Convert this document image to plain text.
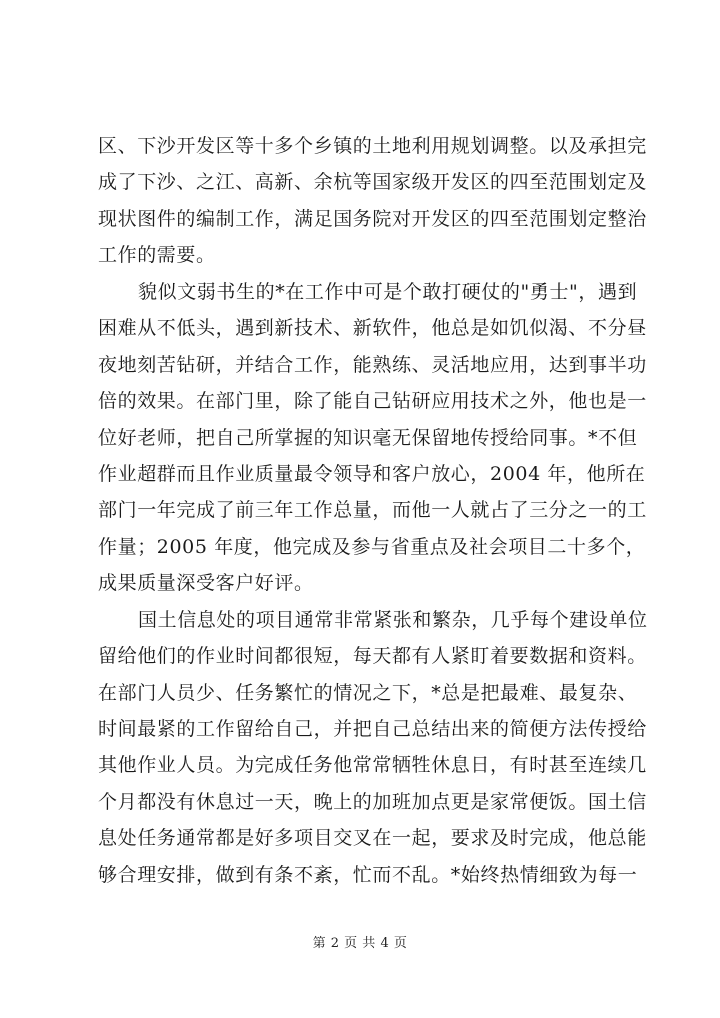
区、下沙开发区等十多个乡镇的土地利用规划调整。以及承担完
成了下沙、之江、高新、余杭等国家级开发区的四至范围划定及
现状图件的编制工作，满足国务院对开发区的四至范围划定整治
工作的需要。
貌似文弱书生的*在工作中可是个敢打硬仗的"勇士"，遇到
困难从不低头，遇到新技术、新软件，他总是如饥似渴、不分昼
夜地刻苦钻研，并结合工作，能熟练、灵活地应用，达到事半功
倍的效果。在部门里，除了能自己钻研应用技术之外，他也是一
位好老师，把自己所掌握的知识毫无保留地传授给同事。*不但
作业超群而且作业质量最令领导和客户放心，2004 年，他所在
部门一年完成了前三年工作总量，而他一人就占了三分之一的工
作量；2005 年度，他完成及参与省重点及社会项目二十多个，
成果质量深受客户好评。
国土信息处的项目通常非常紧张和繁杂，几乎每个建设单位
留给他们的作业时间都很短，每天都有人紧盯着要数据和资料。
在部门人员少、任务繁忙的情况之下，*总是把最难、最复杂、
时间最紧的工作留给自己，并把自己总结出来的简便方法传授给
其他作业人员。为完成任务他常常牺牲休息日，有时甚至连续几
个月都没有休息过一天，晚上的加班加点更是家常便饭。国土信
息处任务通常都是好多项目交叉在一起，要求及时完成，他总能
够合理安排，做到有条不紊，忙而不乱。*始终热情细致为每一
第 2 页 共 4 页
